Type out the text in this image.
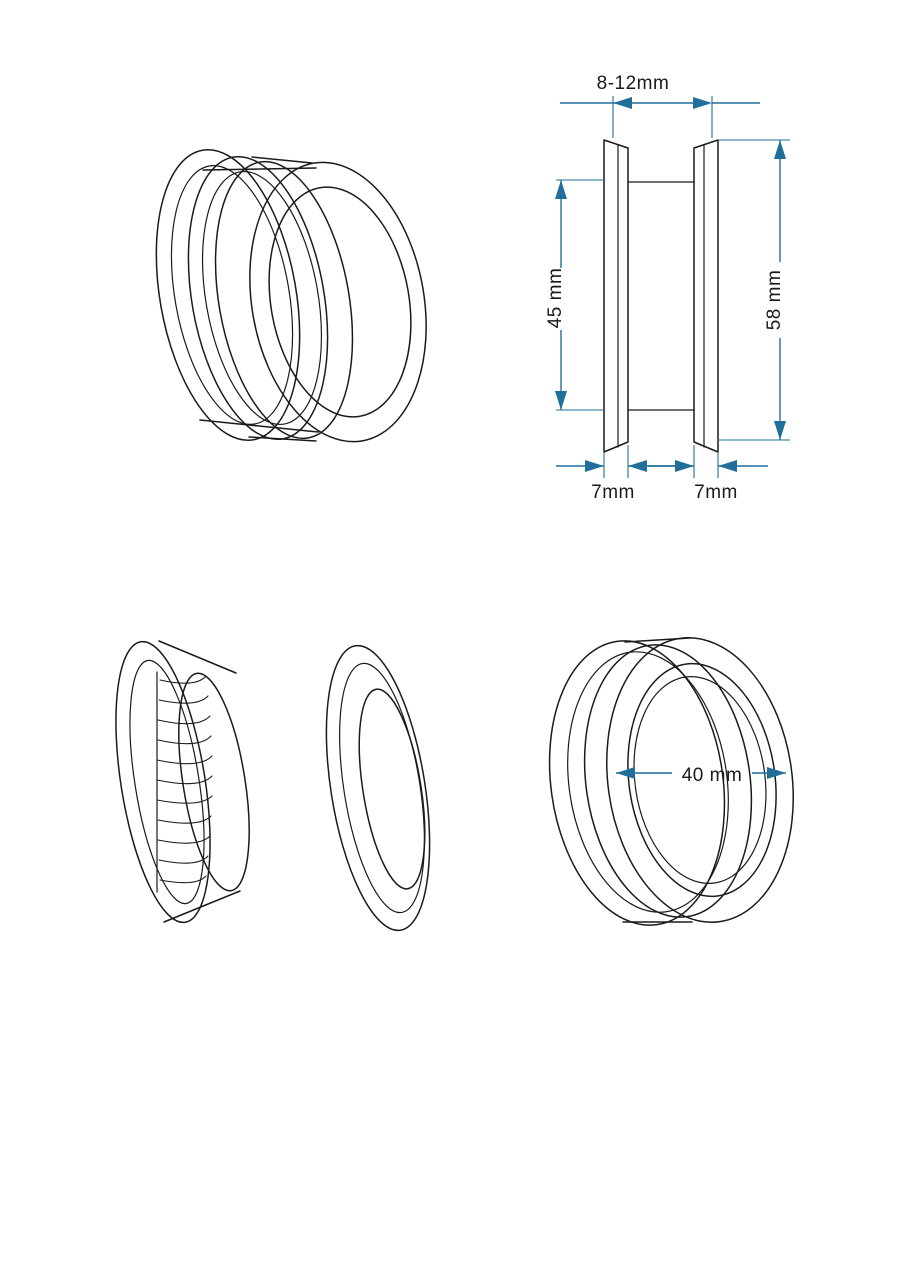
8-12mm
45 mm	58 mm
7mm	7mm
40 mm
